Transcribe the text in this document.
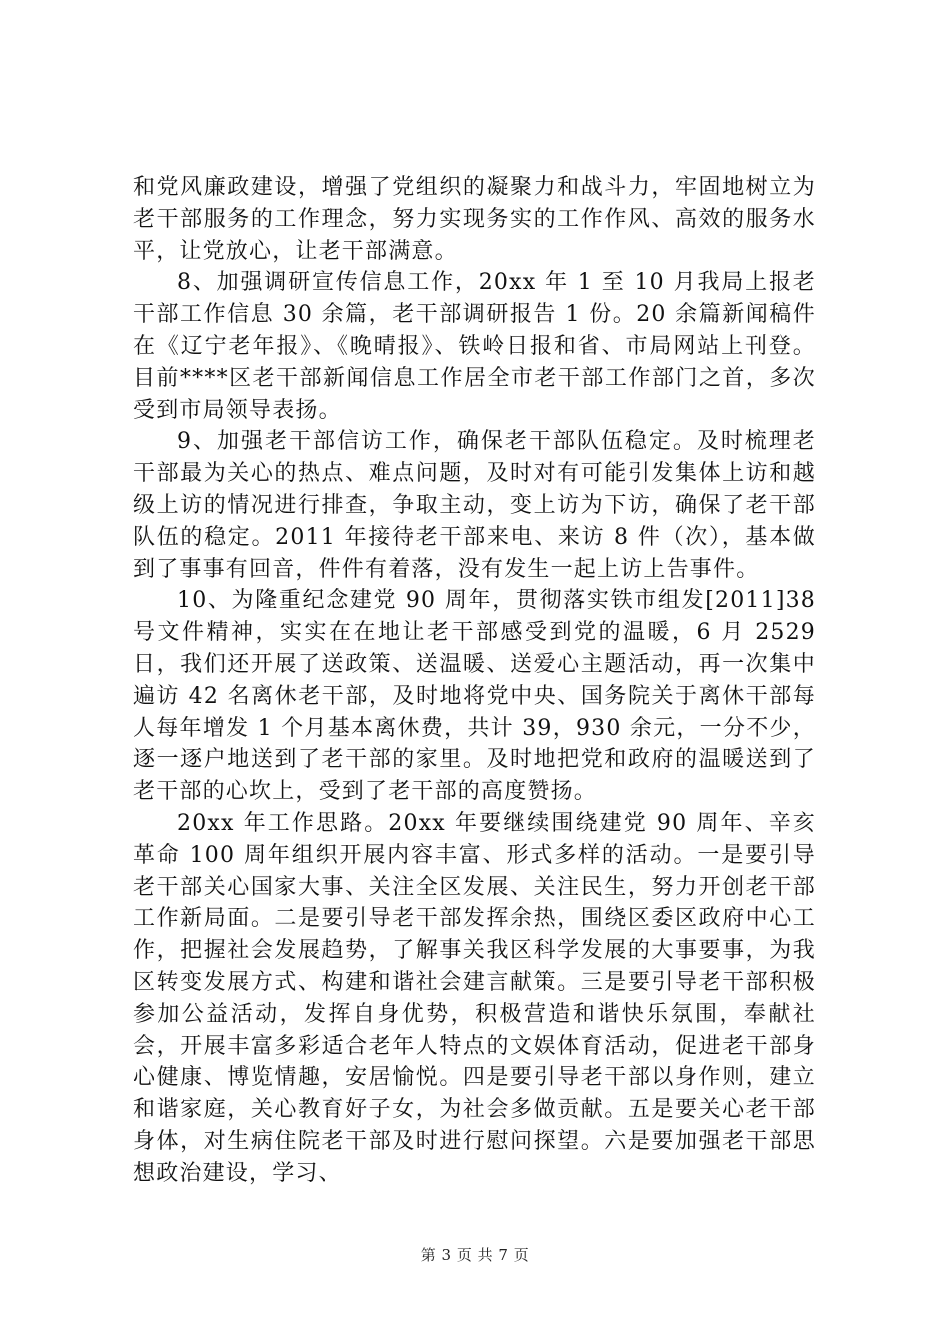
和党风廉政建设，增强了党组织的凝聚力和战斗力，牢固地树立为老干部服务的工作理念，努力实现务实的工作作风、高效的服务水平，让党放心，让老干部满意。

8、加强调研宣传信息工作，20xx 年 1 至 10 月我局上报老干部工作信息 30 余篇，老干部调研报告 1 份。20 余篇新闻稿件在《辽宁老年报》、《晚晴报》、铁岭日报和省、市局网站上刊登。目前****区老干部新闻信息工作居全市老干部工作部门之首，多次受到市局领导表扬。

9、加强老干部信访工作，确保老干部队伍稳定。及时梳理老干部最为关心的热点、难点问题，及时对有可能引发集体上访和越级上访的情况进行排查，争取主动，变上访为下访，确保了老干部队伍的稳定。2011 年接待老干部来电、来访 8 件（次），基本做到了事事有回音，件件有着落，没有发生一起上访上告事件。

10、为隆重纪念建党 90 周年，贯彻落实铁市组发[2011]38 号文件精神，实实在在地让老干部感受到党的温暖，6 月 2529 日，我们还开展了送政策、送温暖、送爱心主题活动，再一次集中遍访 42 名离休老干部，及时地将党中央、国务院关于离休干部每人每年增发 1 个月基本离休费，共计 39，930 余元，一分不少，逐一逐户地送到了老干部的家里。及时地把党和政府的温暖送到了老干部的心坎上，受到了老干部的高度赞扬。

20xx 年工作思路。20xx 年要继续围绕建党 90 周年、辛亥革命 100 周年组织开展内容丰富、形式多样的活动。一是要引导老干部关心国家大事、关注全区发展、关注民生，努力开创老干部工作新局面。二是要引导老干部发挥余热，围绕区委区政府中心工作，把握社会发展趋势，了解事关我区科学发展的大事要事，为我区转变发展方式、构建和谐社会建言献策。三是要引导老干部积极参加公益活动，发挥自身优势，积极营造和谐快乐氛围，奉献社会，开展丰富多彩适合老年人特点的文娱体育活动，促进老干部身心健康、博览情趣，安居愉悦。四是要引导老干部以身作则，建立和谐家庭，关心教育好子女，为社会多做贡献。五是要关心老干部身体，对生病住院老干部及时进行慰问探望。六是要加强老干部思想政治建设，学习、

第 3 页 共 7 页
